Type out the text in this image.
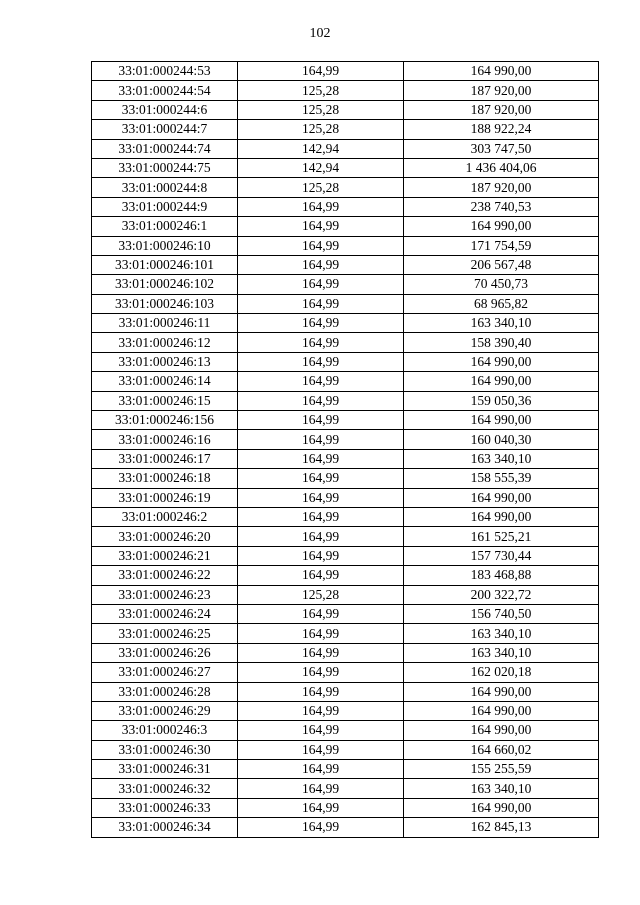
102
33:01:000244:53	164,99	164 990,00
33:01:000244:54	125,28	187 920,00
33:01:000244:6	125,28	187 920,00
33:01:000244:7	125,28	188 922,24
33:01:000244:74	142,94	303 747,50
33:01:000244:75	142,94	1 436 404,06
33:01:000244:8	125,28	187 920,00
33:01:000244:9	164,99	238 740,53
33:01:000246:1	164,99	164 990,00
33:01:000246:10	164,99	171 754,59
33:01:000246:101	164,99	206 567,48
33:01:000246:102	164,99	70 450,73
33:01:000246:103	164,99	68 965,82
33:01:000246:11	164,99	163 340,10
33:01:000246:12	164,99	158 390,40
33:01:000246:13	164,99	164 990,00
33:01:000246:14	164,99	164 990,00
33:01:000246:15	164,99	159 050,36
33:01:000246:156	164,99	164 990,00
33:01:000246:16	164,99	160 040,30
33:01:000246:17	164,99	163 340,10
33:01:000246:18	164,99	158 555,39
33:01:000246:19	164,99	164 990,00
33:01:000246:2	164,99	164 990,00
33:01:000246:20	164,99	161 525,21
33:01:000246:21	164,99	157 730,44
33:01:000246:22	164,99	183 468,88
33:01:000246:23	125,28	200 322,72
33:01:000246:24	164,99	156 740,50
33:01:000246:25	164,99	163 340,10
33:01:000246:26	164,99	163 340,10
33:01:000246:27	164,99	162 020,18
33:01:000246:28	164,99	164 990,00
33:01:000246:29	164,99	164 990,00
33:01:000246:3	164,99	164 990,00
33:01:000246:30	164,99	164 660,02
33:01:000246:31	164,99	155 255,59
33:01:000246:32	164,99	163 340,10
33:01:000246:33	164,99	164 990,00
33:01:000246:34	164,99	162 845,13
